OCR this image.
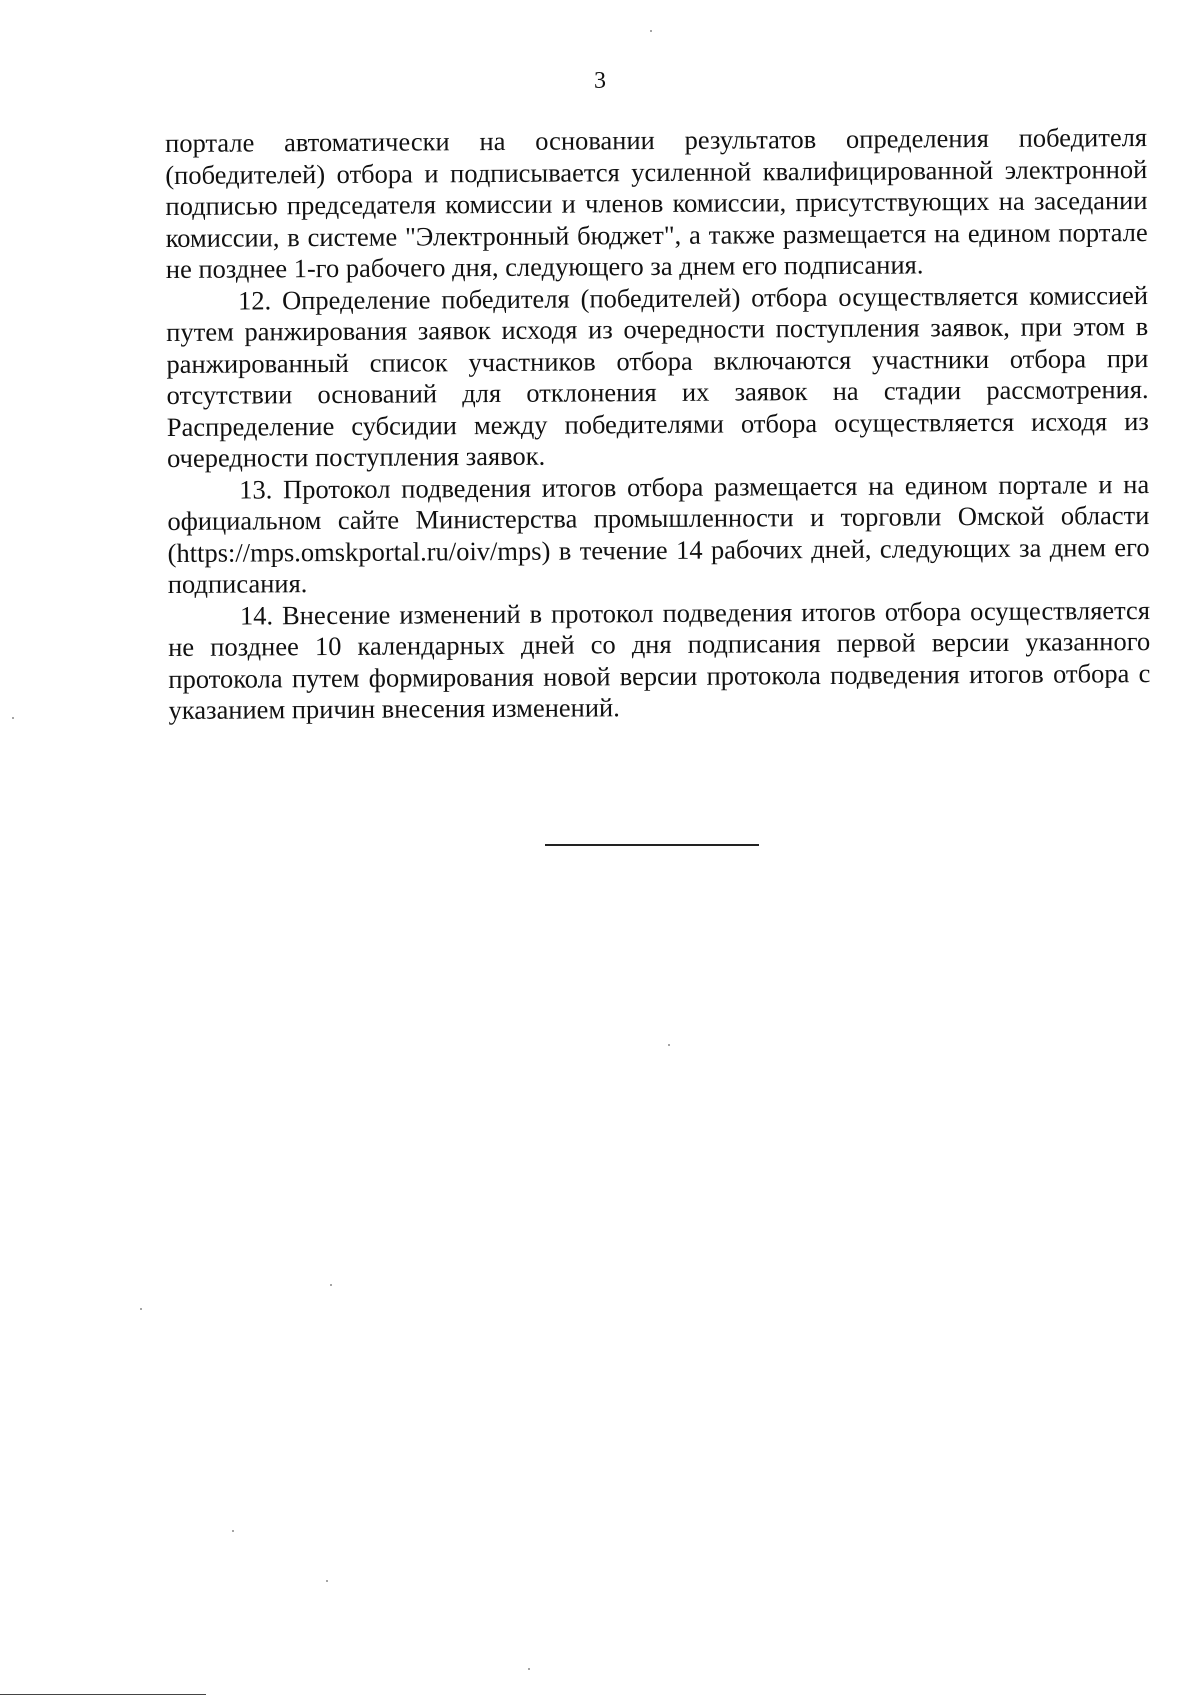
3

портале автоматически на основании результатов определения победителя (победителей) отбора и подписывается усиленной квалифицированной электронной подписью председателя комиссии и членов комиссии, присутствующих на заседании комиссии, в системе "Электронный бюджет", а также размещается на едином портале не позднее 1-го рабочего дня, следующего за днем его подписания.

12. Определение победителя (победителей) отбора осуществляется комиссией путем ранжирования заявок исходя из очередности поступления заявок, при этом в ранжированный список участников отбора включаются участники отбора при отсутствии оснований для отклонения их заявок на стадии рассмотрения. Распределение субсидии между победителями отбора осуществляется исходя из очередности поступления заявок.

13. Протокол подведения итогов отбора размещается на едином портале и на официальном сайте Министерства промышленности и торговли Омской области (https://mps.omskportal.ru/oiv/mps) в течение 14 рабочих дней, следующих за днем его подписания.

14. Внесение изменений в протокол подведения итогов отбора осуществляется не позднее 10 календарных дней со дня подписания первой версии указанного протокола путем формирования новой версии протокола подведения итогов отбора с указанием причин внесения изменений.
